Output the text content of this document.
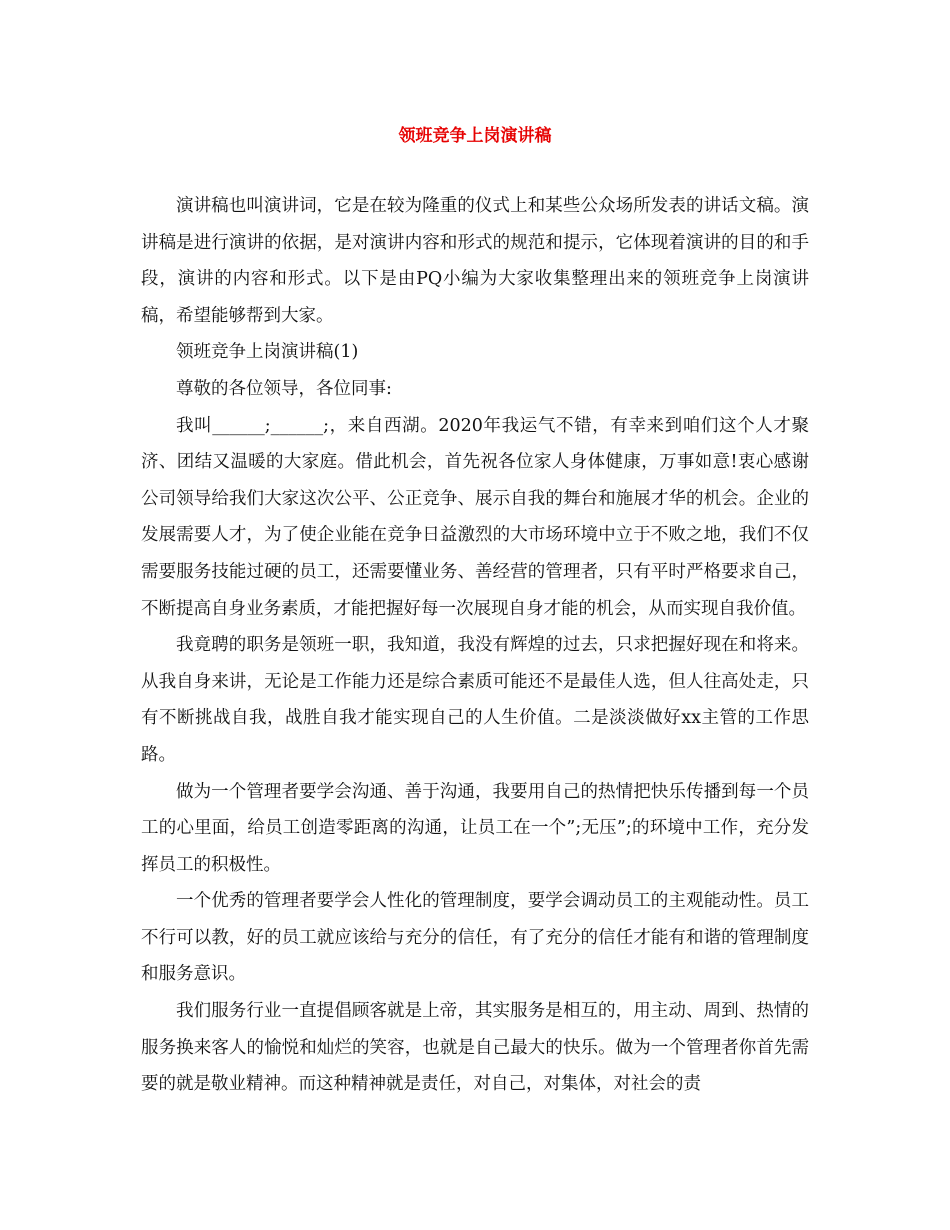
领班竞争上岗演讲稿

演讲稿也叫演讲词，它是在较为隆重的仪式上和某些公众场所发表的讲话文稿。演讲稿是进行演讲的依据，是对演讲内容和形式的规范和提示，它体现着演讲的目的和手段，演讲的内容和形式。以下是由PQ小编为大家收集整理出来的领班竞争上岗演讲稿，希望能够帮到大家。

领班竞争上岗演讲稿(1)

尊敬的各位领导，各位同事:

我叫______;______;，来自西湖。2020年我运气不错，有幸来到咱们这个人才聚济、团结又温暖的大家庭。借此机会，首先祝各位家人身体健康，万事如意!衷心感谢公司领导给我们大家这次公平、公正竞争、展示自我的舞台和施展才华的机会。企业的发展需要人才，为了使企业能在竞争日益激烈的大市场环境中立于不败之地，我们不仅需要服务技能过硬的员工，还需要懂业务、善经营的管理者，只有平时严格要求自己，不断提高自身业务素质，才能把握好每一次展现自身才能的机会，从而实现自我价值。

我竟聘的职务是领班一职，我知道，我没有辉煌的过去，只求把握好现在和将来。从我自身来讲，无论是工作能力还是综合素质可能还不是最佳人选，但人往高处走，只有不断挑战自我，战胜自我才能实现自己的人生价值。二是淡淡做好xx主管的工作思路。

做为一个管理者要学会沟通、善于沟通，我要用自己的热情把快乐传播到每一个员工的心里面，给员工创造零距离的沟通，让员工在一个”;无压”;的环境中工作，充分发挥员工的积极性。

一个优秀的管理者要学会人性化的管理制度，要学会调动员工的主观能动性。员工不行可以教，好的员工就应该给与充分的信任，有了充分的信任才能有和谐的管理制度和服务意识。

我们服务行业一直提倡顾客就是上帝，其实服务是相互的，用主动、周到、热情的服务换来客人的愉悦和灿烂的笑容，也就是自己最大的快乐。做为一个管理者你首先需要的就是敬业精神。而这种精神就是责任，对自己，对集体，对社会的责
